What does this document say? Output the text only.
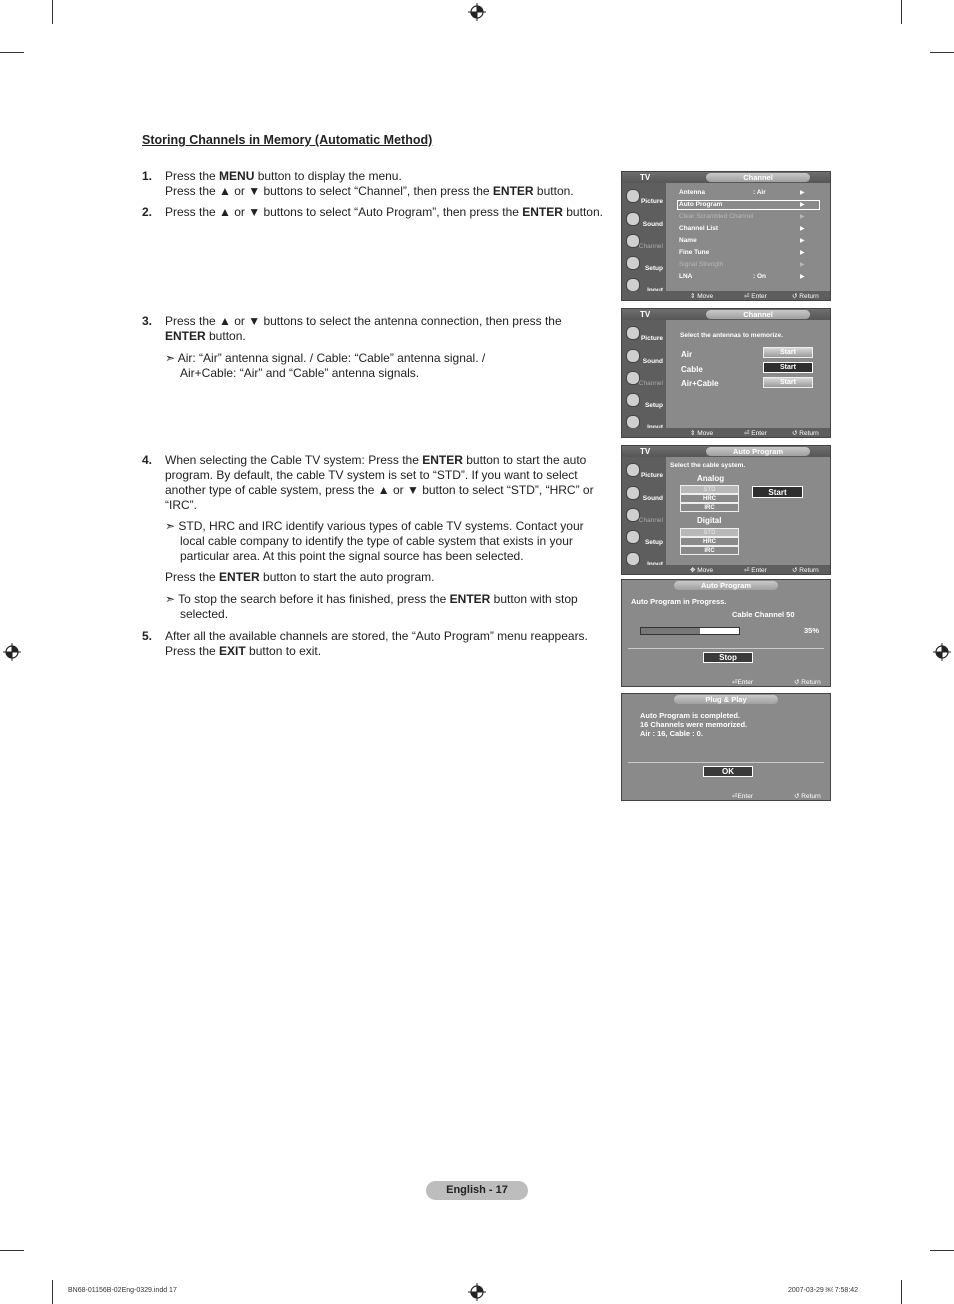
Storing Channels in Memory (Automatic Method)
1. Press the MENU button to display the menu.
Press the ▲ or ▼ buttons to select “Channel”, then press the ENTER button.
2. Press the ▲ or ▼ buttons to select “Auto Program”, then press the ENTER button.
3. Press the ▲ or ▼ buttons to select the antenna connection, then press the
ENTER button.
➣ Air: “Air” antenna signal. / Cable: “Cable” antenna signal. /
Air+Cable: “Air” and “Cable” antenna signals.
4. When selecting the Cable TV system: Press the ENTER button to start the auto
program. By default, the cable TV system is set to “STD”. If you want to select
another type of cable system, press the ▲ or ▼ button to select “STD”, “HRC” or
“IRC”.
➣ STD, HRC and IRC identify various types of cable TV systems. Contact your
local cable company to identify the type of cable system that exists in your
particular area. At this point the signal source has been selected.
Press the ENTER button to start the auto program.
➣ To stop the search before it has finished, press the ENTER button with stop
selected.
5. After all the available channels are stored, the “Auto Program” menu reappears.
Press the EXIT button to exit.
TV	Channel
Picture
Sound
Channel
Setup
⇕ Move	⏎ Enter	↺ Return
Antenna	: Air	▶
Auto Program	▶
Clear Scrambled Channel	▶
Channel List	▶
Name	▶
Fine Tune	▶
Signal Strength	▶
LNA	: On	▶
TV	Channel
Picture
Sound
Channel
Setup
Select the antennas to memorize.
Air
Cable
Air+Cable
Start
Start
Start
⇕ Move	⏎ Enter	↺ Return
TV	Auto Program
Picture
Sound
Channel
Setup
Select the cable system.
Analog
STD
HRC
IRC
Digital
STD
HRC
IRC
Start
✥ Move	⏎ Enter	↺ Return
Auto Program
Auto Program in Progress.
Cable Channel 50
35%
Stop
⏎Enter	↺ Return
Plug & Play
Auto Program is completed.
16 Channels were memorized.
Air : 16, Cable : 0.
OK
⏎Enter	↺ Return
English - 17
BN68-01156B-02Eng-0329.indd 17	2007-03-29 ￼ 7:58:42
